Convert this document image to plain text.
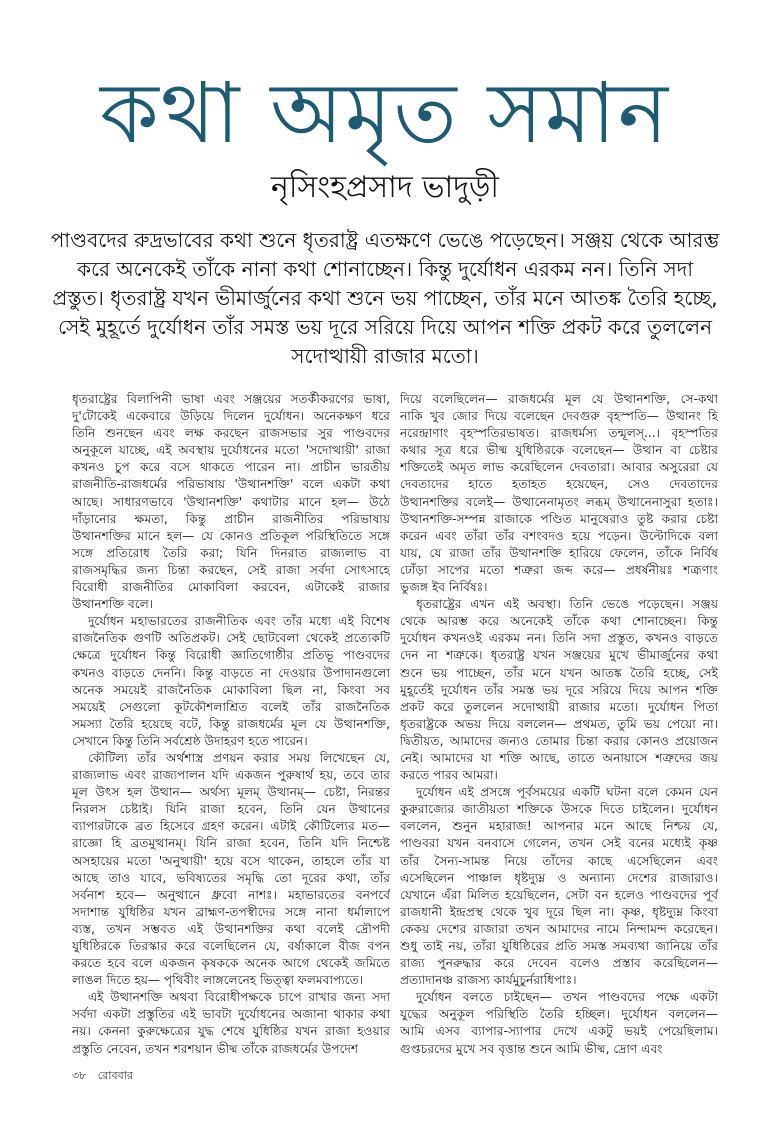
কথা অমৃত সমান
নৃসিংহপ্রসাদ ভাদুড়ী
পাণ্ডবদের রুদ্রভাবের কথা শুনে ধৃতরাষ্ট্র এতক্ষণে ভেঙে পড়েছেন। সঞ্জয় থেকে আরম্ভ করে অনেকেই তাঁকে নানা কথা শোনাচ্ছেন। কিন্তু দুর্যোধন এরকম নন। তিনি সদা প্রস্তুত। ধৃতরাষ্ট্র যখন ভীমার্জুনের কথা শুনে ভয় পাচ্ছেন, তাঁর মনে আতঙ্ক তৈরি হচ্ছে, সেই মুহূর্তে দুর্যোধন তাঁর সমস্ত ভয় দূরে সরিয়ে দিয়ে আপন শক্তি প্রকট করে তুললেন সদোত্থায়ী রাজার মতো।
ধৃতরাষ্ট্রের বিলাপিনী ভাষা এবং সঞ্জয়ের সতর্কীকরণের ভাষা,
দু'টোকেই একেবারে উড়িয়ে দিলেন দুর্যোধন। অনেকক্ষণ ধরে
তিনি শুনছেন এবং লক্ষ করছেন রাজসভার সুর পাণ্ডবদের
অনুকূলে যাচ্ছে, এই অবস্থায় দুর্যোধনের মতো 'সদোত্থায়ী' রাজা
কখনও চুপ করে বসে থাকতে পারেন না। প্রাচীন ভারতীয়
রাজনীতি-রাজধর্মের পরিভাষায় 'উত্থানশক্তি' বলে একটা কথা
আছে। সাধারণভাবে 'উত্থানশক্তি' কথাটার মানে হল— উঠে
দাঁড়ানোর ক্ষমতা, কিন্তু প্রাচীন রাজনীতির পরিভাষায়
উত্থানশক্তির মানে হল— যে কোনও প্রতিকূল পরিস্থিতিতে সঙ্গে
সঙ্গে প্রতিরোধ তৈরি করা; যিনি দিনরাত রাজ্যলাভ বা
রাজসমৃদ্ধির জন্য চিন্তা করছেন, সেই রাজা সর্বদা সোৎসাহে
বিরোধী রাজনীতির মোকাবিলা করবেন, এটাকেই রাজার
উত্থানশক্তি বলে।
দুর্যোধন মহাভারতের রাজনীতিক এবং তাঁর মধ্যে এই বিশেষ
রাজনৈতিক গুণটি অতিপ্রকট। সেই ছোটবেলা থেকেই প্রত্যেকটি
ক্ষেত্রে দুর্যোধন কিন্তু বিরোধী জ্ঞাতিগোষ্ঠীর প্রতিভূ পাণ্ডবদের
কখনও বাড়তে দেননি। কিন্তু বাড়তে না দেওয়ার উপাদানগুলো
অনেক সময়েই রাজনৈতিক মোকাবিলা ছিল না, কিংবা সব
সময়েই সেগুলো কূটকৌশলাশ্রিত বলেই তাঁর রাজনৈতিক
সমস্যা তৈরি হয়েছে বটে, কিন্তু রাজধর্মের মূল যে উত্থানশক্তি,
সেখানে কিন্তু তিনি সর্বশ্রেষ্ঠ উদাহরণ হতে পারেন।
কৌটিল্য তাঁর অর্থশাস্ত্র প্রণয়ন করার সময় লিখেছেন যে,
রাজ্যলাভ এবং রাজ্যপালন যদি একজন পুরুষার্থ হয়, তবে তার
মূল উৎস হল উত্থান— অর্থস্য মূলম্ উত্থানম্— চেষ্টা, নিরন্তর
নিরলস চেষ্টাই। যিনি রাজা হবেন, তিনি যেন উত্থানের
ব্যাপারটাকে ব্রত হিসেবে গ্রহণ করেন। এটাই কৌটিল্যের মত—
রাজ্ঞো হি ব্রতমুত্থানম্। যিনি রাজা হবেন, তিনি যদি নিশ্চেষ্ট
অসহায়ের মতো 'অনুত্থায়ী' হয়ে বসে থাকেন, তাহলে তাঁর যা
আছে তাও যাবে, ভবিষ্যতের সমৃদ্ধি তো দূরের কথা, তাঁর
সর্বনাশ হবে— অনুত্থানে ধ্রুবো নাশঃ। মহাভারতের বনপর্বে
সদাশান্ত যুধিষ্ঠির যখন ব্রাহ্মণ-তপস্বীদের সঙ্গে নানা ধর্মালাপে
ব্যস্ত, তখন সম্ভবত এই উত্থানশক্তির কথা বলেই দ্রৌপদী
যুধিষ্ঠিরকে তিরস্কার করে বলেছিলেন যে, বর্ষাকালে বীজ বপন
করতে হবে বলে একজন কৃষককে অনেক আগে থেকেই জমিতে
লাঙল দিতে হয়— পৃথিবীং লাঙ্গলেনেহ ভিত্ত্বা ফলমবাপ্যতে।
এই উত্থানশক্তি অথবা বিরোধীপক্ষকে চাপে রাখার জন্য সদা
সর্বদা একটা প্রস্তুতির এই ভাবটা দুর্যোধনের অজানা থাকার কথা
নয়। কেননা কুরুক্ষেত্রের যুদ্ধ শেষে যুধিষ্ঠির যখন রাজা হওয়ার
প্রস্তুতি নেবেন, তখন শরশয়ান ভীষ্ম তাঁকে রাজধর্মের উপদেশ
দিয়ে বলেছিলেন— রাজধর্মের মূল যে উত্থানশক্তি, সে-কথা
নাকি খুব জোর দিয়ে বলেছেন দেবগুরু বৃহস্পতি— উত্থানং হি
নরেন্দ্রাণাং বৃহস্পতিরভাষত। রাজধর্মস্য তন্মূলস্...। বৃহস্পতির
কথার সূত্র ধরে ভীষ্ম যুধিষ্ঠিরকে বলেছেন— উত্থান বা চেষ্টার
শক্তিতেই অমৃত লাভ করেছিলেন দেবতারা। আবার অসুরেরা যে
দেবতাদের হাতে হতাহত হয়েছেন, সেও দেবতাদের
উত্থানশক্তির বলেই— উত্থানেনামৃতং লব্ধম্ উত্থানেনাসুরা হতাঃ।
উত্থানশক্তি-সম্পন্ন রাজাকে পণ্ডিত মানুষেরাও তুষ্ট করার চেষ্টা
করেন এবং তাঁরা তাঁর বশংবদও হয়ে পড়েন। উল্টোদিকে বলা
যায়, যে রাজা তাঁর উত্থানশক্তি হারিয়ে ফেলেন, তাঁকে নির্বিষ
ঢোঁড়া সাপের মতো শত্রুরা জব্দ করে— প্রধর্ষনীয়ঃ শত্রূণাং
ভুজঙ্গ ইব নির্বিষঃ।
ধৃতরাষ্ট্রের এখন এই অবস্থা। তিনি ভেঙে পড়েছেন। সঞ্জয়
থেকে আরম্ভ করে অনেকেই তাঁকে কথা শোনাচ্ছেন। কিন্তু
দুর্যোধন কখনওই এরকম নন। তিনি সদা প্রস্তুত, কখনও বাড়তে
দেন না শত্রুকে। ধৃতরাষ্ট্র যখন সঞ্জয়ের মুখে ভীমার্জুনের কথা
শুনে ভয় পাচ্ছেন, তাঁর মনে যখন আতঙ্ক তৈরি হচ্ছে, সেই
মুহূর্তেই দুর্যোধন তাঁর সমস্ত ভয় দূরে সরিয়ে দিয়ে আপন শক্তি
প্রকট করে তুললেন সদোত্থায়ী রাজার মতো। দুর্যোধন পিতা
ধৃতরাষ্ট্রকে অভয় দিয়ে বললেন— প্রথমত, তুমি ভয় পেয়ো না।
দ্বিতীয়ত, আমাদের জন্যও তোমার চিন্তা করার কোনও প্রয়োজন
নেই। আমাদের যা শক্তি আছে, তাতে অনায়াসে শত্রুদের জয়
করতে পারব আমরা।
দুর্যোধন এই প্রসঙ্গে পূর্বসময়ের একটি ঘটনা বলে কেমন যেন
কুরুরাজ্যের জাতীয়তা শক্তিকে উসকে দিতে চাইলেন। দুর্যোধন
বললেন, শুনুন মহারাজ! আপনার মনে আছে নিশ্চয় যে,
পাণ্ডবরা যখন বনবাসে গেলেন, তখন সেই বনের মধ্যেই কৃষ্ণ
তাঁর সৈন্য-সামন্ত নিয়ে তাঁদের কাছে এসেছিলেন এবং
এসেছিলেন পাঞ্চাল ধৃষ্টদ্যুম্ন ও অন্যান্য দেশের রাজারাও।
যেখানে এঁরা মিলিত হয়েছিলেন, সেটা বন হলেও পাণ্ডবদের পূর্ব
রাজধানী ইন্দ্রপ্রস্থ থেকে খুব দূরে ছিল না। কৃষ্ণ, ধৃষ্টদ্যুম্ন কিংবা
কেকয় দেশের রাজারা তখন আমাদের নামে নিন্দামন্দ করেছেন।
শুধু তাই নয়, তাঁরা যুধিষ্ঠিরের প্রতি সমস্ত সমব্যথা জানিয়ে তাঁর
রাজ্য পুনরুদ্ধার করে দেবেন বলেও প্রস্তাব করেছিলেন—
প্রত্যাদানঞ্চ রাজস্য কার্যমুচুর্নরাধিপাঃ।
দুর্যোধন বলতে চাইছেন— তখন পাণ্ডবদের পক্ষে একটা
যুদ্ধের অনুকূল পরিস্থিতি তৈরি হচ্ছিল। দুর্যোধন বললেন—
আমি এসব ব্যাপার-স্যাপার দেখে একটু ভয়ই পেয়েছিলাম।
গুপ্তচরদের মুখে সব বৃত্তান্ত শুনে আমি ভীষ্ম, দ্রোণ এবং
৩৮ রোববার
